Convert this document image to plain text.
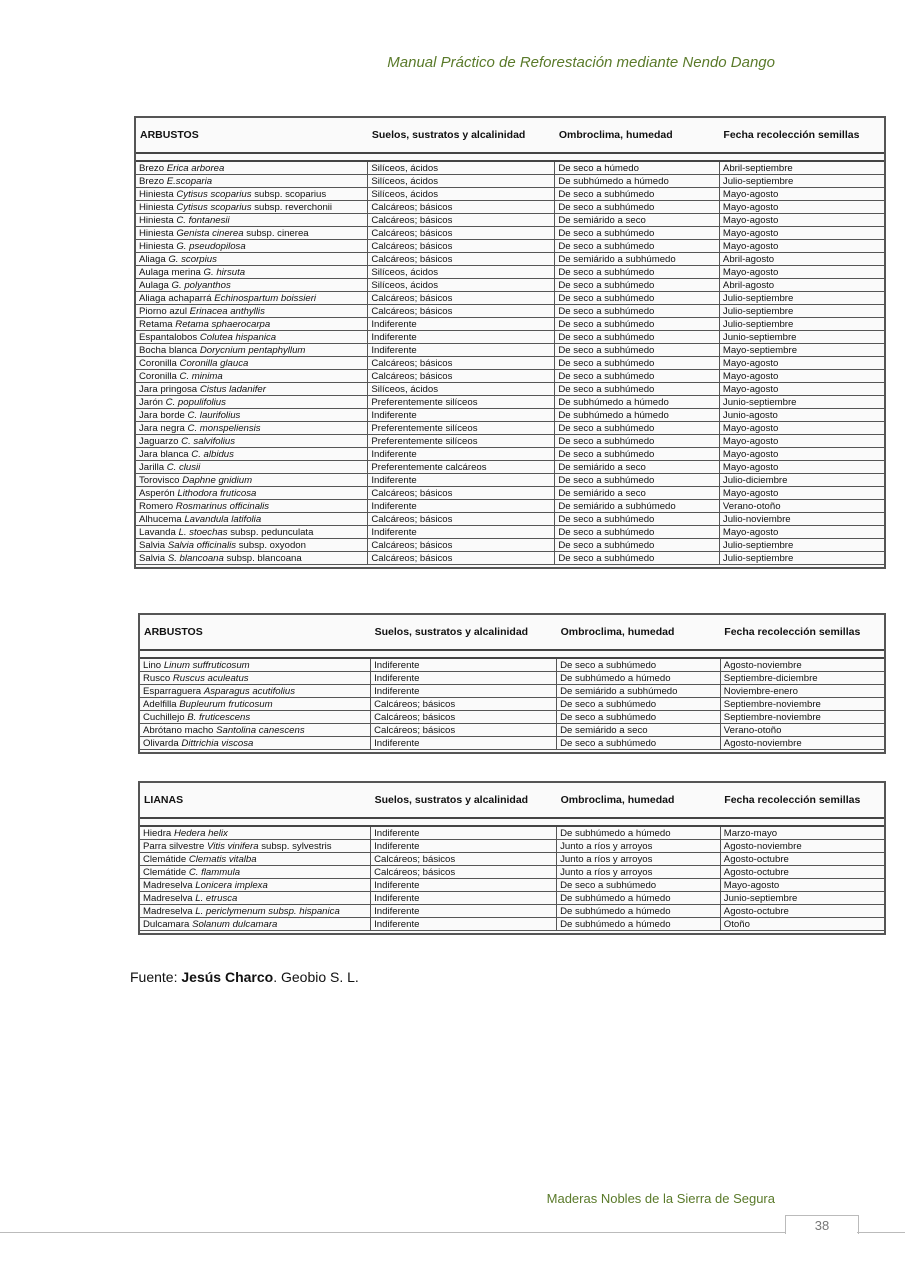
Manual Práctico de Reforestación mediante Nendo Dango
ARBUSTOS	Suelos, sustratos y alcalinidad	Ombroclima, humedad	Fecha recolección semillas

Brezo Erica arborea	Silíceos, ácidos	De seco a húmedo	Abril-septiembre
Brezo E.scoparia	Silíceos, ácidos	De subhúmedo a húmedo	Julio-septiembre
Hiniesta Cytisus scoparius subsp. scoparius	Silíceos, ácidos	De seco a subhúmedo	Mayo-agosto
Hiniesta Cytisus scoparius subsp. reverchonii	Calcáreos; básicos	De seco a subhúmedo	Mayo-agosto
Hiniesta C. fontanesii	Calcáreos; básicos	De semiárido a seco	Mayo-agosto
Hiniesta Genista cinerea subsp. cinerea	Calcáreos; básicos	De seco a subhúmedo	Mayo-agosto
Hiniesta G. pseudopilosa	Calcáreos; básicos	De seco a subhúmedo	Mayo-agosto
Aliaga G. scorpius	Calcáreos; básicos	De semiárido a subhúmedo	Abril-agosto
Aulaga merina G. hirsuta	Silíceos, ácidos	De seco a subhúmedo	Mayo-agosto
Aulaga G. polyanthos	Silíceos, ácidos	De seco a subhúmedo	Abril-agosto
Aliaga achaparrá Echinospartum boissieri	Calcáreos; básicos	De seco a subhúmedo	Julio-septiembre
Piorno azul Erinacea anthyllis	Calcáreos; básicos	De seco a subhúmedo	Julio-septiembre
Retama Retama sphaerocarpa	Indiferente	De seco a subhúmedo	Julio-septiembre
Espantalobos Colutea hispanica	Indiferente	De seco a subhúmedo	Junio-septiembre
Bocha blanca Dorycnium pentaphyllum	Indiferente	De seco a subhúmedo	Mayo-septiembre
Coronilla Coronilla glauca	Calcáreos; básicos	De seco a subhúmedo	Mayo-agosto
Coronilla C. minima	Calcáreos; básicos	De seco a subhúmedo	Mayo-agosto
Jara pringosa Cistus ladanifer	Silíceos, ácidos	De seco a subhúmedo	Mayo-agosto
Jarón C. populifolius	Preferentemente silíceos	De subhúmedo a húmedo	Junio-septiembre
Jara borde C. laurifolius	Indiferente	De subhúmedo a húmedo	Junio-agosto
Jara negra C. monspeliensis	Preferentemente silíceos	De seco a subhúmedo	Mayo-agosto
Jaguarzo C. salvifolius	Preferentemente silíceos	De seco a subhúmedo	Mayo-agosto
Jara blanca C. albidus	Indiferente	De seco a subhúmedo	Mayo-agosto
Jarilla C. clusii	Preferentemente calcáreos	De semiárido a seco	Mayo-agosto
Torovisco Daphne gnidium	Indiferente	De seco a subhúmedo	Julio-diciembre
Asperón Lithodora fruticosa	Calcáreos; básicos	De semiárido a seco	Mayo-agosto
Romero Rosmarinus officinalis	Indiferente	De semiárido a subhúmedo	Verano-otoño
Alhucema Lavandula latifolia	Calcáreos; básicos	De seco a subhúmedo	Julio-noviembre
Lavanda L. stoechas subsp. pedunculata	Indiferente	De seco a subhúmedo	Mayo-agosto
Salvia Salvia officinalis subsp. oxyodon	Calcáreos; básicos	De seco a subhúmedo	Julio-septiembre
Salvia S. blancoana subsp. blancoana	Calcáreos; básicos	De seco a subhúmedo	Julio-septiembre

ARBUSTOS	Suelos, sustratos y alcalinidad	Ombroclima, humedad	Fecha recolección semillas

Lino Linum suffruticosum	Indiferente	De seco a subhúmedo	Agosto-noviembre
Rusco Ruscus aculeatus	Indiferente	De subhúmedo a húmedo	Septiembre-diciembre
Esparraguera Asparagus acutifolius	Indiferente	De semiárido a subhúmedo	Noviembre-enero
Adelfilla Bupleurum fruticosum	Calcáreos; básicos	De seco a subhúmedo	Septiembre-noviembre
Cuchillejo B. fruticescens	Calcáreos; básicos	De seco a subhúmedo	Septiembre-noviembre
Abrótano macho Santolina canescens	Calcáreos; básicos	De semiárido a seco	Verano-otoño
Olivarda Dittrichia viscosa	Indiferente	De seco a subhúmedo	Agosto-noviembre

LIANAS	Suelos, sustratos y alcalinidad	Ombroclima, humedad	Fecha recolección semillas

Hiedra Hedera helix	Indiferente	De subhúmedo a húmedo	Marzo-mayo
Parra silvestre Vitis vinifera subsp. sylvestris	Indiferente	Junto a ríos y arroyos	Agosto-noviembre
Clemátide Clematis vitalba	Calcáreos; básicos	Junto a ríos y arroyos	Agosto-octubre
Clemátide C. flammula	Calcáreos; básicos	Junto a ríos y arroyos	Agosto-octubre
Madreselva Lonicera implexa	Indiferente	De seco a subhúmedo	Mayo-agosto
Madreselva L. etrusca	Indiferente	De subhúmedo a húmedo	Junio-septiembre
Madreselva L. periclymenum subsp. hispanica	Indiferente	De subhúmedo a húmedo	Agosto-octubre
Dulcamara Solanum dulcamara	Indiferente	De subhúmedo a húmedo	Otoño

Fuente: Jesús Charco. Geobio S. L.
Maderas Nobles de la Sierra de Segura
38
